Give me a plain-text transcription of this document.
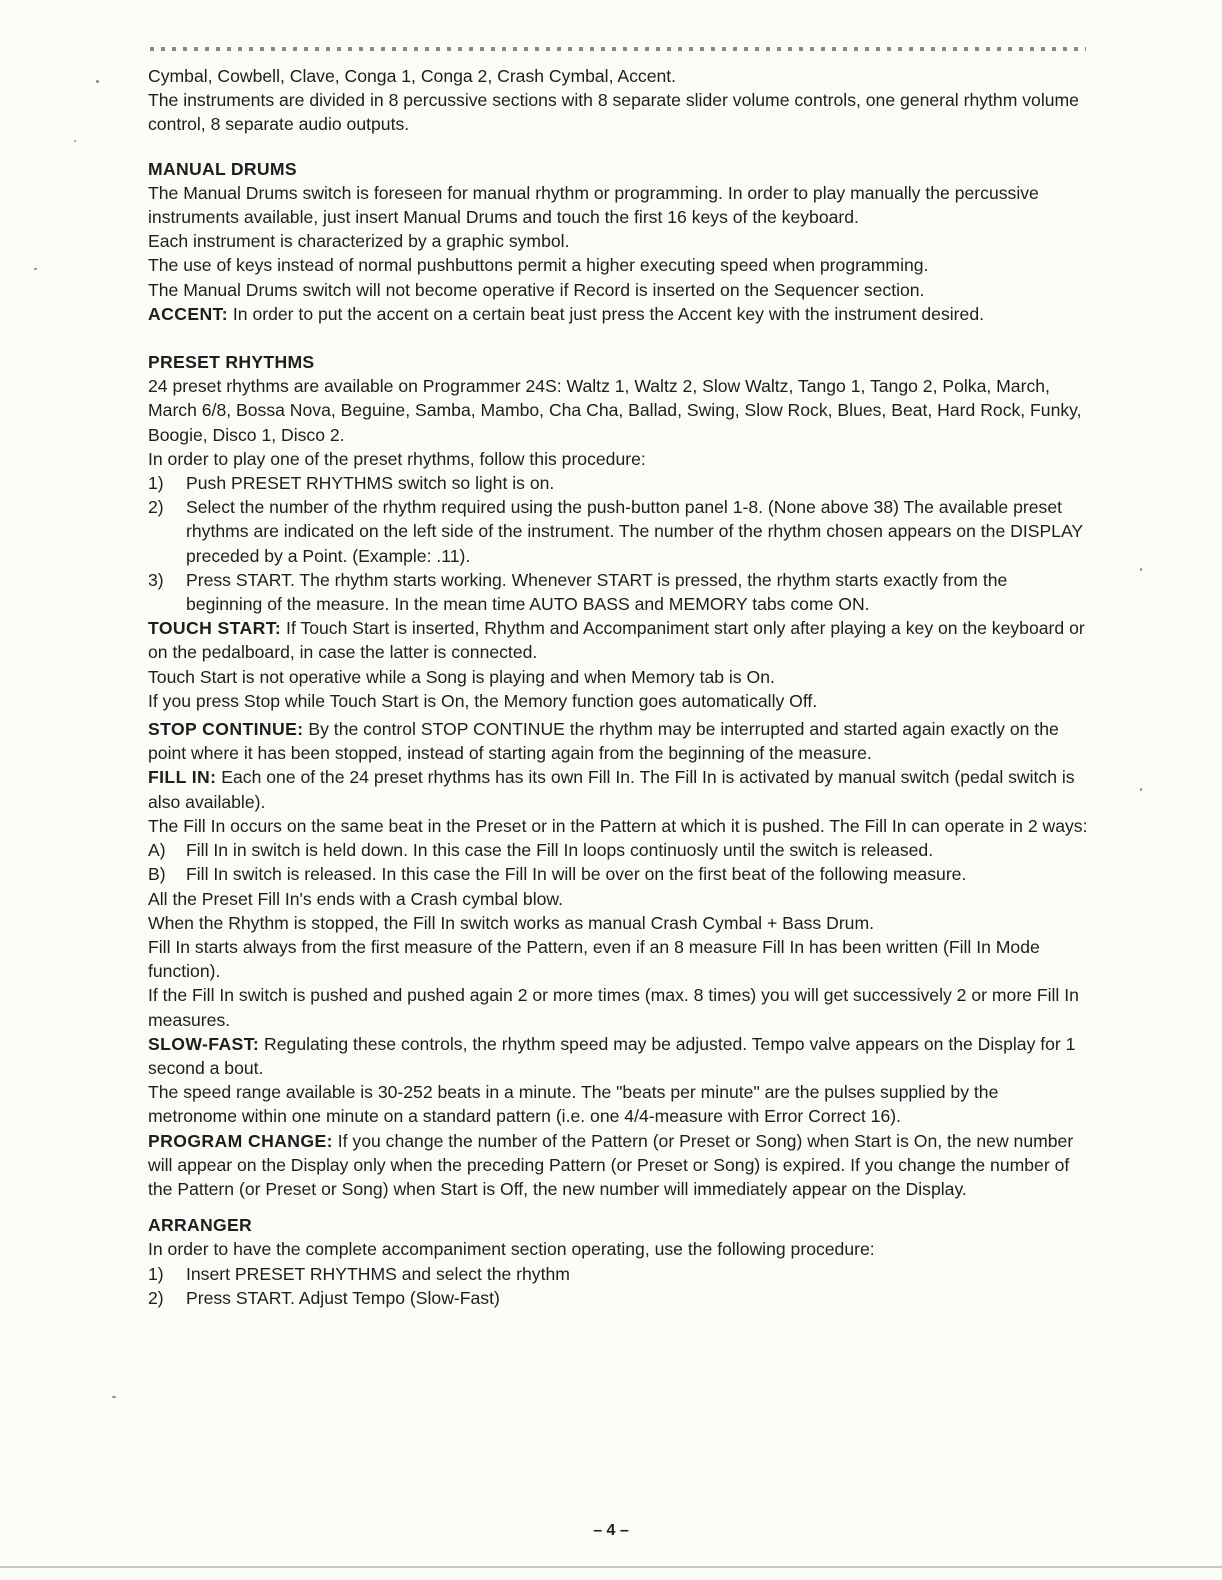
Cymbal, Cowbell, Clave, Conga 1, Conga 2, Crash Cymbal, Accent.

The instruments are divided in 8 percussive sections with 8 separate slider volume controls, one general rhythm volume control, 8 separate audio outputs.

MANUAL DRUMS

The Manual Drums switch is foreseen for manual rhythm or programming. In order to play manually the percussive instruments available, just insert Manual Drums and touch the first 16 keys of the keyboard.

Each instrument is characterized by a graphic symbol.

The use of keys instead of normal pushbuttons permit a higher executing speed when programming.

The Manual Drums switch will not become operative if Record is inserted on the Sequencer section.

ACCENT: In order to put the accent on a certain beat just press the Accent key with the instrument desired.

PRESET RHYTHMS

24 preset rhythms are available on Programmer 24S: Waltz 1, Waltz 2, Slow Waltz, Tango 1, Tango 2, Polka, March, March 6/8, Bossa Nova, Beguine, Samba, Mambo, Cha Cha, Ballad, Swing, Slow Rock, Blues, Beat, Hard Rock, Funky, Boogie, Disco 1, Disco 2.

In order to play one of the preset rhythms, follow this procedure:

1)	Push PRESET RHYTHMS switch so light is on.
2)	Select the number of the rhythm required using the push-button panel 1-8. (None above 38) The available preset rhythms are indicated on the left side of the instrument. The number of the rhythm chosen appears on the DISPLAY preceded by a Point. (Example: .11).
3)	Press START. The rhythm starts working. Whenever START is pressed, the rhythm starts exactly from the beginning of the measure. In the mean time AUTO BASS and MEMORY tabs come ON.

TOUCH START: If Touch Start is inserted, Rhythm and Accompaniment start only after playing a key on the keyboard or on the pedalboard, in case the latter is connected.

Touch Start is not operative while a Song is playing and when Memory tab is On.

If you press Stop while Touch Start is On, the Memory function goes automatically Off.

STOP CONTINUE: By the control STOP CONTINUE the rhythm may be interrupted and started again exactly on the point where it has been stopped, instead of starting again from the beginning of the measure.

FILL IN: Each one of the 24 preset rhythms has its own Fill In. The Fill In is activated by manual switch (pedal switch is also available).

The Fill In occurs on the same beat in the Preset or in the Pattern at which it is pushed. The Fill In can operate in 2 ways:

A)	Fill In in switch is held down. In this case the Fill In loops continuosly until the switch is released.
B)	Fill In switch is released. In this case the Fill In will be over on the first beat of the following measure.

All the Preset Fill In's ends with a Crash cymbal blow.

When the Rhythm is stopped, the Fill In switch works as manual Crash Cymbal + Bass Drum.

Fill In starts always from the first measure of the Pattern, even if an 8 measure Fill In has been written (Fill In Mode function).

If the Fill In switch is pushed and pushed again 2 or more times (max. 8 times) you will get successively 2 or more Fill In measures.

SLOW-FAST: Regulating these controls, the rhythm speed may be adjusted. Tempo valve appears on the Display for 1 second a bout.

The speed range available is 30-252 beats in a minute. The "beats per minute" are the pulses supplied by the metronome within one minute on a standard pattern (i.e. one 4/4-measure with Error Correct 16).

PROGRAM CHANGE: If you change the number of the Pattern (or Preset or Song) when Start is On, the new number will appear on the Display only when the preceding Pattern (or Preset or Song) is expired. If you change the number of the Pattern (or Preset or Song) when Start is Off, the new number will immediately appear on the Display.

ARRANGER

In order to have the complete accompaniment section operating, use the following procedure:

1)	Insert PRESET RHYTHMS and select the rhythm
2)	Press START. Adjust Tempo (Slow-Fast)
– 4 –
